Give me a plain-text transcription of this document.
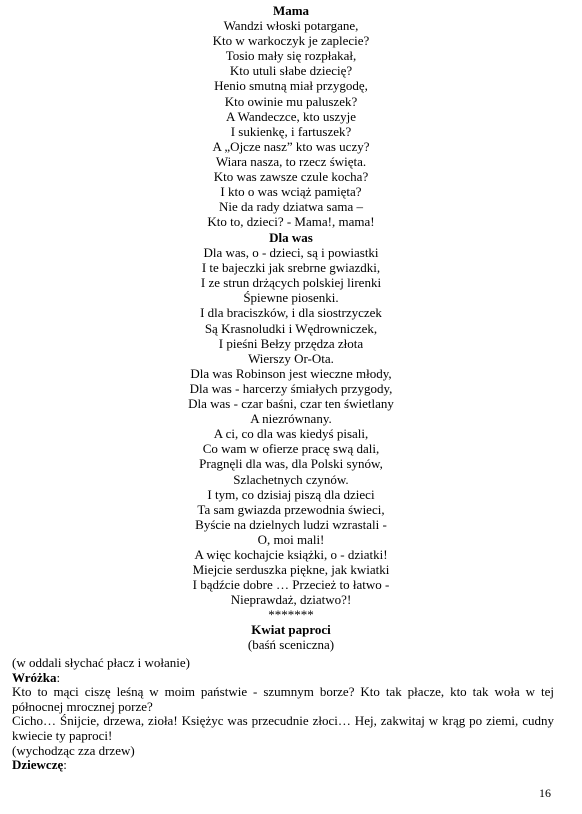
Mama
Wandzi włoski potargane,
Kto w warkoczyk je zaplecie?
Tosio mały się rozpłakał,
Kto utuli słabe dziecię?
Henio smutną miał przygodę,
Kto owinie mu paluszek?
A Wandeczce, kto uszyje
I sukienkę, i fartuszek?
A „Ojcze nasz” kto was uczy?
Wiara nasza, to rzecz święta.
Kto was zawsze czule kocha?
I kto o was wciąż pamięta?
Nie da rady dziatwa sama –
Kto to, dzieci? - Mama!, mama!
Dla was
Dla was, o - dzieci, są i powiastki
I te bajeczki jak srebrne gwiazdki,
I ze strun drżących polskiej lirenki
Śpiewne piosenki.
I dla braciszków, i dla siostrzyczek
Są Krasnoludki i Wędrowniczek,
I pieśni Bełzy przędza złota
Wierszy Or-Ota.
Dla was Robinson jest wieczne młody,
Dla was - harcerzy śmiałych przygody,
Dla was - czar baśni, czar ten świetlany
A niezrównany.
A ci, co dla was kiedyś pisali,
Co wam w ofierze pracę swą dali,
Pragnęli dla was, dla Polski synów,
Szlachetnych czynów.
I tym, co dzisiaj piszą dla dzieci
Ta sam gwiazda przewodnia świeci,
Byście na dzielnych ludzi wzrastali -
O, moi mali!
A więc kochajcie książki, o - dziatki!
Miejcie serduszka piękne, jak kwiatki
I bądźcie dobre … Przecież to łatwo -
Nieprawdaż, dziatwo?!
*******
Kwiat paproci
(baśń sceniczna)

(w oddali słychać płacz i wołanie)

Wróżka:

Kto to mąci ciszę leśną w moim państwie - szumnym borze? Kto tak płacze, kto tak woła w tej północnej mrocznej porze?

Cicho… Śnijcie, drzewa, zioła! Księżyc was przecudnie złoci… Hej, zakwitaj w krąg po ziemi, cudny kwiecie ty paproci!

(wychodząc zza drzew)

Dziewczę:

16
